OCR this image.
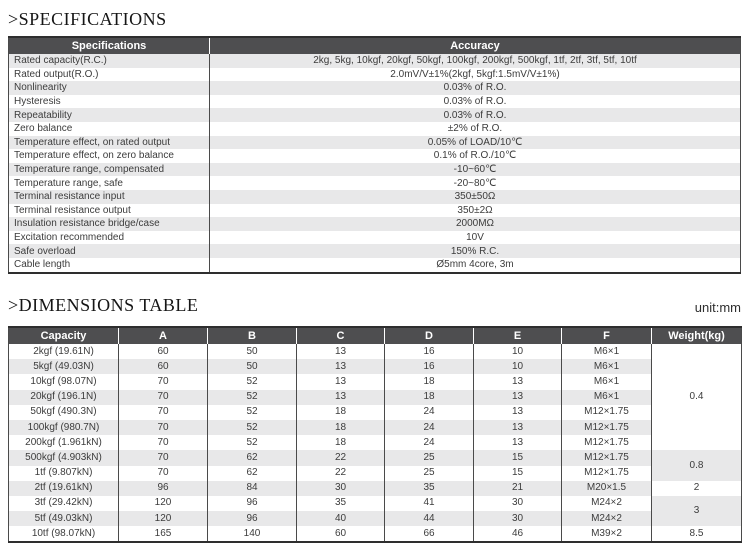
>SPECIFICATIONS
Specifications	Accuracy
Rated capacity(R.C.)	2kg, 5kg, 10kgf, 20kgf, 50kgf, 100kgf, 200kgf, 500kgf, 1tf, 2tf, 3tf, 5tf, 10tf
Rated output(R.O.)	2.0mV/V±1%(2kgf, 5kgf:1.5mV/V±1%)
Nonlinearity	0.03% of R.O.
Hysteresis	0.03% of R.O.
Repeatability	0.03% of R.O.
Zero balance	±2% of R.O.
Temperature effect, on rated output	0.05% of LOAD/10℃
Temperature effect, on zero balance	0.1% of R.O./10℃
Temperature range, compensated	-10~60℃
Temperature range, safe	-20~80℃
Terminal resistance input	350±50Ω
Terminal resistance output	350±2Ω
Insulation resistance bridge/case	2000MΩ
Excitation recommended	10V
Safe overload	150% R.C.
Cable length	Ø5mm 4core, 3m
>DIMENSIONS TABLE	unit:mm
Capacity	A	B	C	D	E	F	Weight(kg)
2kgf (19.61N)	60	50	13	16	10	M6×1	0.4
5kgf (49.03N)	60	50	13	16	10	M6×1	
10kgf (98.07N)	70	52	13	18	13	M6×1	
20kgf (196.1N)	70	52	13	18	13	M6×1	
50kgf (490.3N)	70	52	18	24	13	M12×1.75	
100kgf (980.7N)	70	52	18	24	13	M12×1.75	
200kgf (1.961kN)	70	52	18	24	13	M12×1.75	
500kgf (4.903kN)	70	62	22	25	15	M12×1.75	0.8
1tf (9.807kN)	70	62	22	25	15	M12×1.75	
2tf (19.61kN)	96	84	30	35	21	M20×1.5	2
3tf (29.42kN)	120	96	35	41	30	M24×2	3
5tf (49.03kN)	120	96	40	44	30	M24×2	
10tf (98.07kN)	165	140	60	66	46	M39×2	8.5
